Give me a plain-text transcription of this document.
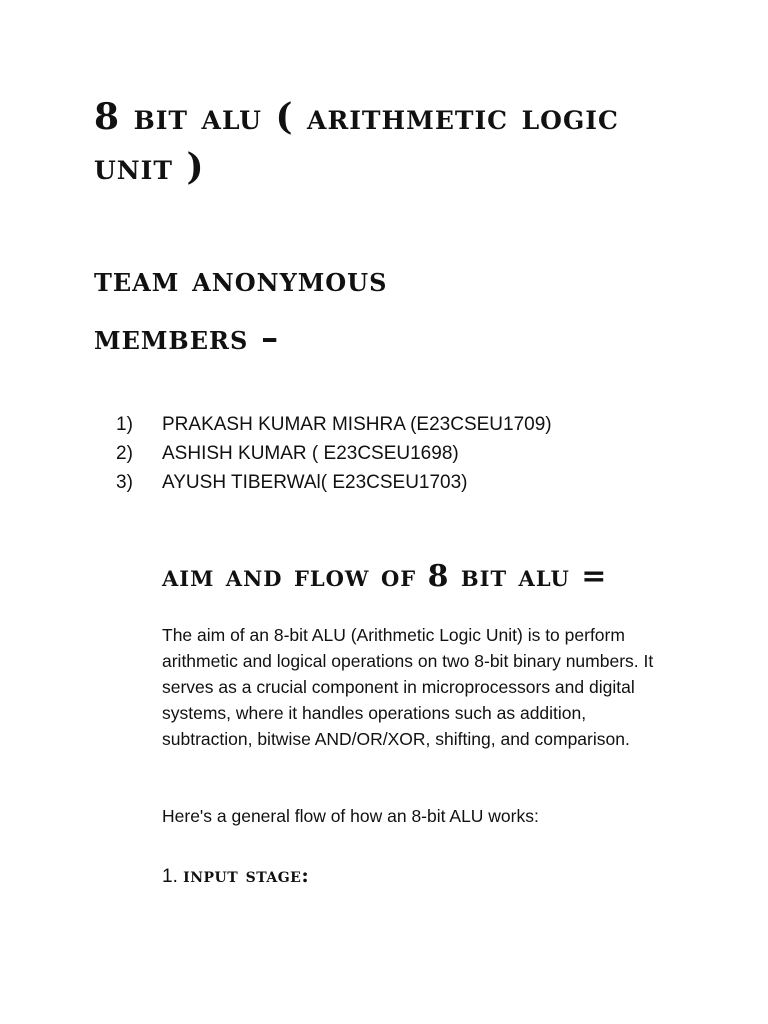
8 bit alu ( arithmetic logic unit )
team anonymous
members –
1)	PRAKASH KUMAR MISHRA (E23CSEU1709)
2)	ASHISH KUMAR ( E23CSEU1698)
3)	AYUSH TIBERWAl( E23CSEU1703)
aim and flow of 8 bit alu =

The aim of an 8-bit ALU (Arithmetic Logic Unit) is to perform arithmetic and logical operations on two 8-bit binary numbers. It serves as a crucial component in microprocessors and digital systems, where it handles operations such as addition, subtraction, bitwise AND/OR/XOR, shifting, and comparison.

Here's a general flow of how an 8-bit ALU works:

1. input stage:
